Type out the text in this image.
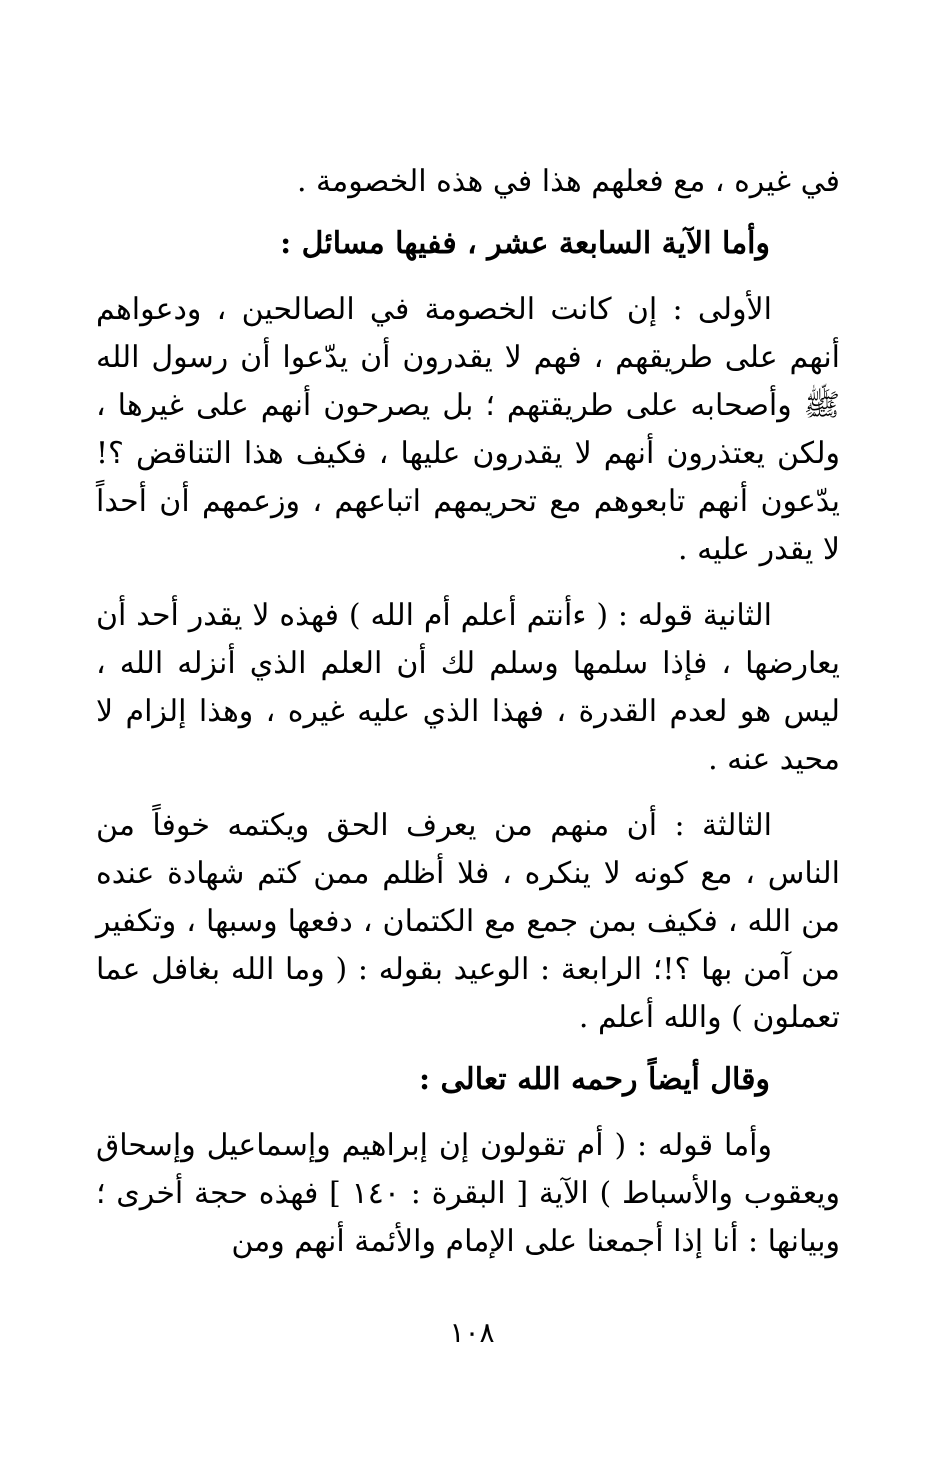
في غيره ، مع فعلهم هذا في هذه الخصومة .

وأما الآية السابعة عشر ، ففيها مسائل :

الأولى : إن كانت الخصومة في الصالحين ، ودعواهم أنهم على طريقهم ، فهم لا يقدرون أن يدّعوا أن رسول الله ﷺ وأصحابه على طريقتهم ؛ بل يصرحون أنهم على غيرها ، ولكن يعتذرون أنهم لا يقدرون عليها ، فكيف هذا التناقض ؟! يدّعون أنهم تابعوهم مع تحريمهم اتباعهم ، وزعمهم أن أحداً لا يقدر عليه .

الثانية قوله : ( ءأنتم أعلم أم الله ) فهذه لا يقدر أحد أن يعارضها ، فإذا سلمها وسلم لك أن العلم الذي أنزله الله ، ليس هو لعدم القدرة ، فهذا الذي عليه غيره ، وهذا إلزام لا محيد عنه .

الثالثة : أن منهم من يعرف الحق ويكتمه خوفاً من الناس ، مع كونه لا ينكره ، فلا أظلم ممن كتم شهادة عنده من الله ، فكيف بمن جمع مع الكتمان ، دفعها وسبها ، وتكفير من آمن بها ؟!؛ الرابعة : الوعيد بقوله : ( وما الله بغافل عما تعملون ) والله أعلم .

وقال أيضاً رحمه الله تعالى :

وأما قوله : ( أم تقولون إن إبراهيم وإسماعيل وإسحاق ويعقوب والأسباط ) الآية [ البقرة : ١٤٠ ] فهذه حجة أخرى ؛ وبيانها : أنا إذا أجمعنا على الإمام والأئمة أنهم ومن

١٠٨
